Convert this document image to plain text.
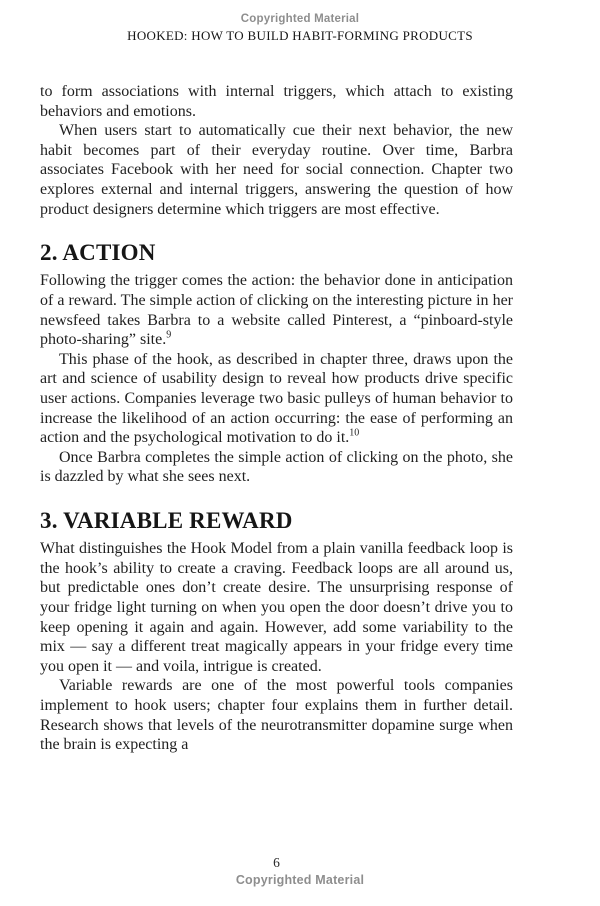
Copyrighted Material
HOOKED: HOW TO BUILD HABIT-FORMING PRODUCTS

to form associations with internal triggers, which attach to existing behaviors and emotions.

When users start to automatically cue their next behavior, the new habit becomes part of their everyday routine. Over time, Barbra associates Facebook with her need for social connection. Chapter two explores external and internal triggers, answering the question of how product designers determine which triggers are most effective.

2. ACTION

Following the trigger comes the action: the behavior done in anticipation of a reward. The simple action of clicking on the interesting picture in her newsfeed takes Barbra to a website called Pinterest, a “pinboard-style photo-sharing” site.$^9$

This phase of the hook, as described in chapter three, draws upon the art and science of usability design to reveal how products drive specific user actions. Companies leverage two basic pulleys of human behavior to increase the likelihood of an action occurring: the ease of performing an action and the psychological motivation to do it.$^{10}$

Once Barbra completes the simple action of clicking on the photo, she is dazzled by what she sees next.

3. VARIABLE REWARD

What distinguishes the Hook Model from a plain vanilla feedback loop is the hook’s ability to create a craving. Feedback loops are all around us, but predictable ones don’t create desire. The unsurprising response of your fridge light turning on when you open the door doesn’t drive you to keep opening it again and again. However, add some variability to the mix — say a different treat magically appears in your fridge every time you open it — and voila, intrigue is created.

Variable rewards are one of the most powerful tools companies implement to hook users; chapter four explains them in further detail. Research shows that levels of the neurotransmitter dopamine surge when the brain is expecting a

6
Copyrighted Material
